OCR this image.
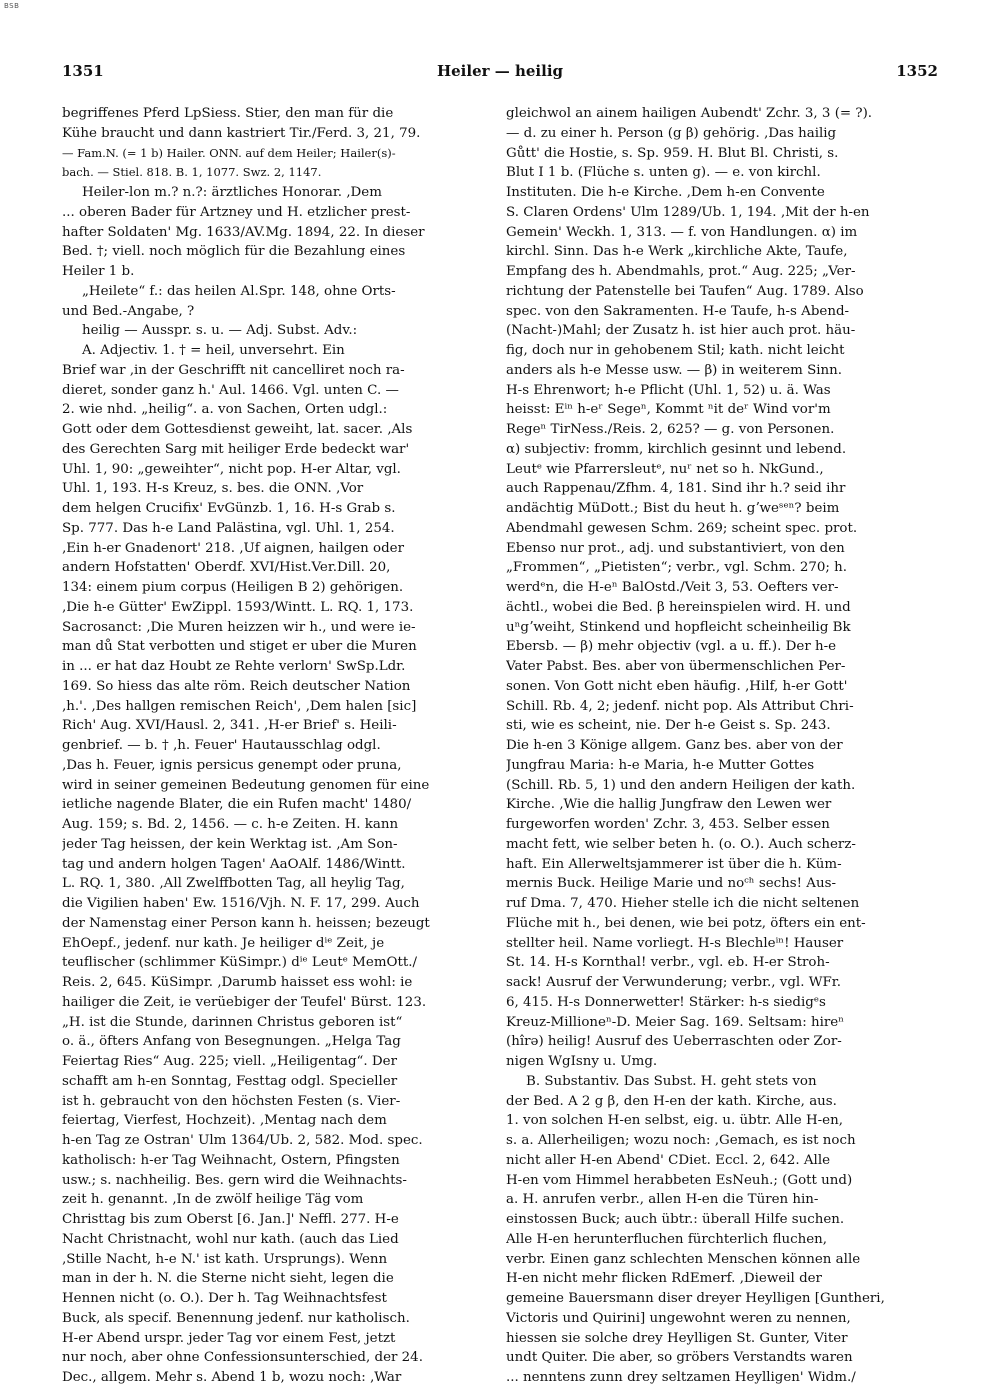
BSB
1351	Heiler — heilig	1352

begriffenes Pferd LpSiess. Stier, den man für die

Kühe braucht und dann kastriert Tir./Ferd. 3, 21, 79.

— Fam.N. (= 1 b) Hailer. ONN. auf dem Heiler; Hailer(s)-

bach. — Stiel. 818. B. 1, 1077. Swz. 2, 1147.

Heiler-lon m.? n.?: ärztliches Honorar. ‚Dem

... oberen Bader für Artzney und H. etzlicher prest-

hafter Soldaten' Mg. 1633/AV.Mg. 1894, 22. In dieser

Bed. †; viell. noch möglich für die Bezahlung eines

Heiler 1 b.

„Heilete“ f.: das heilen Al.Spr. 148, ohne Orts-

und Bed.-Angabe, ?

heilig — Ausspr. s. u. — Adj. Subst. Adv.:

A. Adjectiv. 1. † = heil, unversehrt. Ein

Brief war ‚in der Geschrifft nit cancelliret noch ra-

dieret, sonder ganz h.' Aul. 1466. Vgl. unten C. —

2. wie nhd. „heilig“. a. von Sachen, Orten udgl.:

Gott oder dem Gottesdienst geweiht, lat. sacer. ‚Als

des Gerechten Sarg mit heiliger Erde bedeckt war'

Uhl. 1, 90: „geweihter“, nicht pop. H-er Altar, vgl.

Uhl. 1, 193. H-s Kreuz, s. bes. die ONN. ‚Vor

dem helgen Crucifix' EvGünzb. 1, 16. H-s Grab s.

Sp. 777. Das h-e Land Palästina, vgl. Uhl. 1, 254.

‚Ein h-er Gnadenort' 218. ‚Uf aignen, hailgen oder

andern Hofstatten' Oberdf. XVI/Hist.Ver.Dill. 20,

134: einem pium corpus (Heiligen B 2) gehörigen.

‚Die h-e Gütter' EwZippl. 1593/Wintt. L. RQ. 1, 173.

Sacrosanct: ‚Die Muren heizzen wir h., und were ie-

man dů Stat verbotten und stiget er uber die Muren

in ... er hat daz Houbt ze Rehte verlorn' SwSp.Ldr.

169. So hiess das alte röm. Reich deutscher Nation

‚h.'. ‚Des hallgen remischen Reich', ‚Dem halen [sic]

Rich' Aug. XVI/Hausl. 2, 341. ‚H-er Brief' s. Heili-

genbrief. — b. † ‚h. Feuer' Hautausschlag odgl.

‚Das h. Feuer, ignis persicus genempt oder pruna,

wird in seiner gemeinen Bedeutung genomen für eine

ietliche nagende Blater, die ein Rufen macht' 1480/

Aug. 159; s. Bd. 2, 1456. — c. h-e Zeiten. H. kann

jeder Tag heissen, der kein Werktag ist. ‚Am Son-

tag und andern holgen Tagen' AaOAlf. 1486/Wintt.

L. RQ. 1, 380. ‚All Zwelffbotten Tag, all heylig Tag,

die Vigilien haben' Ew. 1516/Vjh. N. F. 17, 299. Auch

der Namenstag einer Person kann h. heissen; bezeugt

EhOepf., jedenf. nur kath. Je heiliger dⁱᵉ Zeit, je

teuflischer (schlimmer KüSimpr.) dⁱᵉ Leutᵉ MemOtt./

Reis. 2, 645. KüSimpr. ‚Darumb haisset ess wohl: ie

hailiger die Zeit, ie verüebiger der Teufel' Bürst. 123.

„H. ist die Stunde, darinnen Christus geboren ist“

o. ä., öfters Anfang von Besegnungen. „Helga Tag

Feiertag Ries“ Aug. 225; viell. „Heiligentag“. Der

schafft am h-en Sonntag, Festtag odgl. Specieller

ist h. gebraucht von den höchsten Festen (s. Vier-

feiertag, Vierfest, Hochzeit). ‚Mentag nach dem

h-en Tag ze Ostran' Ulm 1364/Ub. 2, 582. Mod. spec.

katholisch: h-er Tag Weihnacht, Ostern, Pfingsten

usw.; s. nachheilig. Bes. gern wird die Weihnachts-

zeit h. genannt. ‚In de zwölf heilige Täg vom

Christtag bis zum Oberst [6. Jan.]' Neffl. 277. H-e

Nacht Christnacht, wohl nur kath. (auch das Lied

‚Stille Nacht, h-e N.' ist kath. Ursprungs). Wenn

man in der h. N. die Sterne nicht sieht, legen die

Hennen nicht (o. O.). Der h. Tag Weihnachtsfest

Buck, als specif. Benennung jedenf. nur katholisch.

H-er Abend urspr. jeder Tag vor einem Fest, jetzt

nur noch, aber ohne Confessionsunterschied, der 24.

Dec., allgem. Mehr s. Abend 1 b, wozu noch: ‚War

gleichwol an ainem hailigen Aubendt' Zchr. 3, 3 (= ?).

— d. zu einer h. Person (g β) gehörig. ‚Das hailig

Gůtt' die Hostie, s. Sp. 959. H. Blut Bl. Christi, s.

Blut I 1 b. (Flüche s. unten g). — e. von kirchl.

Instituten. Die h-e Kirche. ‚Dem h-en Convente

S. Claren Ordens' Ulm 1289/Ub. 1, 194. ‚Mit der h-en

Gemein' Weckh. 1, 313. — f. von Handlungen. α) im

kirchl. Sinn. Das h-e Werk „kirchliche Akte, Taufe,

Empfang des h. Abendmahls, prot.“ Aug. 225; „Ver-

richtung der Patenstelle bei Taufen“ Aug. 1789. Also

spec. von den Sakramenten. H-e Taufe, h-s Abend-

(Nacht-)Mahl; der Zusatz h. ist hier auch prot. häu-

fig, doch nur in gehobenem Stil; kath. nicht leicht

anders als h-e Messe usw. — β) in weiterem Sinn.

H-s Ehrenwort; h-e Pflicht (Uhl. 1, 52) u. ä. Was

heisst: Eⁱⁿ h-eʳ Segeⁿ, Kommt ⁿit deʳ Wind vor'm

Regeⁿ TirNess./Reis. 2, 625? — g. von Personen.

α) subjectiv: fromm, kirchlich gesinnt und lebend.

Leutᵉ wie Pfarrersleutᵉ, nuʳ net so h. NkGund.,

auch Rappenau/Zfhm. 4, 181. Sind ihr h.? seid ihr

andächtig MüDott.; Bist du heut h. gʼweˢᵉⁿ? beim

Abendmahl gewesen Schm. 269; scheint spec. prot.

Ebenso nur prot., adj. und substantiviert, von den

„Frommen“, „Pietisten“; verbr., vgl. Schm. 270; h.

werdᵉn, die H-eⁿ BalOstd./Veit 3, 53. Oefters ver-

ächtl., wobei die Bed. β hereinspielen wird. H. und

uⁿgʼweiht, Stinkend und hopfleicht scheinheilig Bk

Ebersb. — β) mehr objectiv (vgl. a u. ff.). Der h-e

Vater Pabst. Bes. aber von übermenschlichen Per-

sonen. Von Gott nicht eben häufig. ‚Hilf, h-er Gott'

Schill. Rb. 4, 2; jedenf. nicht pop. Als Attribut Chri-

sti, wie es scheint, nie. Der h-e Geist s. Sp. 243.

Die h-en 3 Könige allgem. Ganz bes. aber von der

Jungfrau Maria: h-e Maria, h-e Mutter Gottes

(Schill. Rb. 5, 1) und den andern Heiligen der kath.

Kirche. ‚Wie die hallig Jungfraw den Lewen wer

furgeworfen worden' Zchr. 3, 453. Selber essen

macht fett, wie selber beten h. (o. O.). Auch scherz-

haft. Ein Allerweltsjammerer ist über die h. Küm-

mernis Buck. Heilige Marie und noᶜʰ sechs! Aus-

ruf Dma. 7, 470. Hieher stelle ich die nicht seltenen

Flüche mit h., bei denen, wie bei potz, öfters ein ent-

stellter heil. Name vorliegt. H-s Blechleⁱⁿ! Hauser

St. 14. H-s Kornthal! verbr., vgl. eb. H-er Stroh-

sack! Ausruf der Verwunderung; verbr., vgl. WFr.

6, 415. H-s Donnerwetter! Stärker: h-s siedigᵉs

Kreuz-Millioneⁿ-D. Meier Sag. 169. Seltsam: hireⁿ

(hîrə) heilig! Ausruf des Ueberraschten oder Zor-

nigen WgIsny u. Umg.

B. Substantiv. Das Subst. H. geht stets von

der Bed. A 2 g β, den H-en der kath. Kirche, aus.

1. von solchen H-en selbst, eig. u. übtr. Alle H-en,

s. a. Allerheiligen; wozu noch: ‚Gemach, es ist noch

nicht aller H-en Abend' CDiet. Eccl. 2, 642. Alle

H-en vom Himmel herabbeten EsNeuh.; (Gott und)

a. H. anrufen verbr., allen H-en die Türen hin-

einstossen Buck; auch übtr.: überall Hilfe suchen.

Alle H-en herunterfluchen fürchterlich fluchen,

verbr. Einen ganz schlechten Menschen können alle

H-en nicht mehr flicken RdEmerf. ‚Dieweil der

gemeine Bauersmann diser dreyer Heylligen [Guntheri,

Victoris und Quirini] ungewohnt weren zu nennen,

hiessen sie solche drey Heylligen St. Gunter, Viter

undt Quiter. Die aber, so gröbers Verstandts waren

... nenntens zunn drey seltzamen Heylligen' Widm./
